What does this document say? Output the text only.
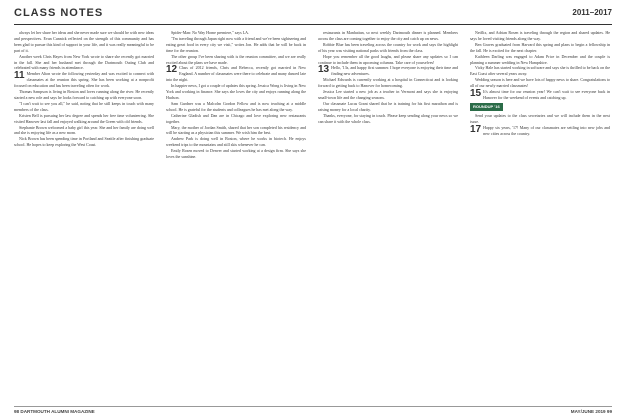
CLASS NOTES	2011–2017

always let her share her ideas and she never made sure we should be with new ideas and perspectives. Evan Cunnick reflected on the strength of this community and has been glad to pursue this kind of support in your life, and it was really meaningful to be part of it.

Another week Chris Hayes from New York wrote to share she recently got married in the fall. She and her husband met through the Dartmouth Outing Club and celebrated with many friends in attendance.

11 Member Alton wrote the following yesterday and was excited to connect with classmates at the reunion this spring. She has been working at a nonprofit focused on education and has been traveling often for work.

Thomas Sampson is living in Boston and loves running along the river. He recently started a new role and says he looks forward to catching up with everyone soon.

"I can't wait to see you all," he said, noting that he still keeps in touch with many members of the class.

Kristen Bell is pursuing her law degree and spends her free time volunteering. She visited Hanover last fall and enjoyed walking around the Green with old friends.

Stephanie Brown welcomed a baby girl this year. She and her family are doing well and she is enjoying life as a new mom.

Nick Brown has been spending time in Portland and Seattle after finishing graduate school. He hopes to keep exploring the West Coast.

Spider-Man: No Way Home premiere," says LA.

"I'm traveling through Japan right now with a friend and we've been sightseeing and eating great food in every city we visit," writes Jon. He adds that he will be back in time for the reunion.

The other group I've been sharing with is the reunion committee, and we are really excited about the plans we have made.

12 Class of 2012 friends, Chris and Rebecca, recently got married in New England. A number of classmates were there to celebrate and many danced late into the night.

In happier news, I got a couple of updates this spring. Jessica Wong is living in New York and working in finance. She says she loves the city and enjoys running along the Hudson.

Sam Gardner was a Malcolm Gordon Fellow and is now teaching at a middle school. He is grateful for the students and colleagues he has met along the way.

Catherine Gladish and Dan are in Chicago and love exploring new restaurants together.

Mary, the mother of Jordan Smith, shared that her son completed his residency and will be starting as a physician this summer. We wish him the best.

Andrew Park is doing well in Boston, where he works in biotech. He enjoys weekend trips to the mountains and still skis whenever he can.

Emily Rosen moved to Denver and started working at a design firm. She says she loves the sunshine.

restaurants in Manhattan, so next weekly Dartmouth dinner is planned. Members across the class are coming together to enjoy the city and catch up on news.

Robbie Blue has been traveling across the country for work and says the highlight of his year was visiting national parks with friends from the class.

Hope you remember all the good laughs, and please share any updates so I can continue to include them in upcoming columns. Take care of yourselves!

13 Hello, '13s, and happy first summer. I hope everyone is enjoying their time and finding new adventures.

Michael Edwards is currently working at a hospital in Connecticut and is looking forward to getting back to Hanover for homecoming.

Jessica Lee started a new job as a teacher in Vermont and says she is enjoying small-town life and the changing seasons.

Our classmate Lucas Grant shared that he is training for his first marathon and is raising money for a local charity.

Thanks, everyone, for staying in touch. Please keep sending along your news so we can share it with the whole class.

Netflix, and Adrian Rosen is traveling through the region and shared updates. He says he loved visiting friends along the way.

Ben Graves graduated from Harvard this spring and plans to begin a fellowship in the fall. He is excited for the next chapter.

Kathleen Darling was engaged to Adam Price in December and the couple is planning a summer wedding in New Hampshire.

Vicky Hale has started working in software and says she is thrilled to be back on the East Coast after several years away.

Wedding season is here and we have lots of happy news to share. Congratulations to all of our newly married classmates!

15 It's almost time for our reunion year! We can't wait to see everyone back in Hanover for the weekend of events and catching up.

ROUNDUP '16

Send your updates to the class secretaries and we will include them in the next issue.

17 Happy six years, '17! Many of our classmates are settling into new jobs and new cities across the country.

98 DARTMOUTH ALUMNI MAGAZINE	MAY/JUNE 2019 99
